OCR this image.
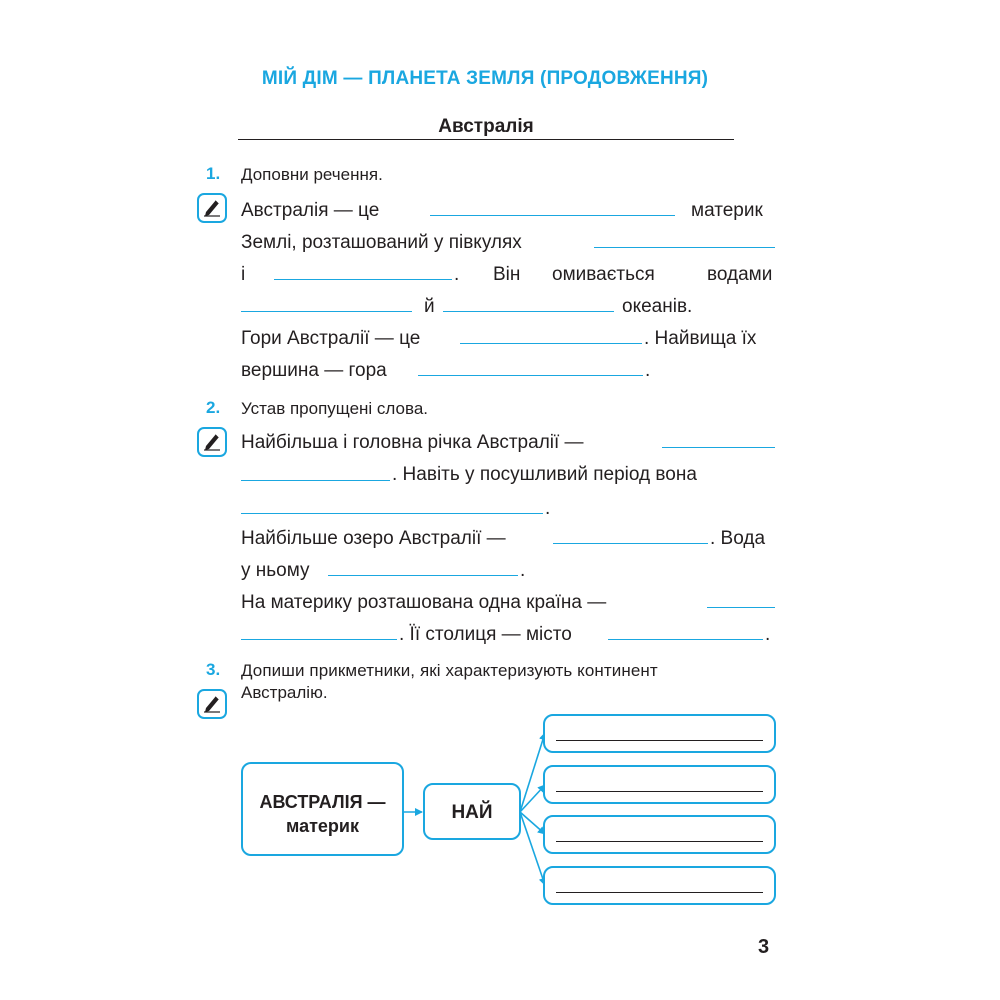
МІЙ ДІМ — ПЛАНЕТА ЗЕМЛЯ (ПРОДОВЖЕННЯ)
Австралія
1. Доповни речення.
Австралія — це	материк
Землі, розташований у півкулях
і	. Він омивається	водами
й	океанів.
Гори Австралії — це	. Найвища їх
вершина — гора	.
2. Устав пропущені слова.
Найбільша і головна річка Австралії —
. Навіть у посушливий період вона
.
Найбільше озеро Австралії —	. Вода
у ньому	.
На материку розташована одна країна —
. Її столиця — місто	.
3. Допиши прикметники, які характеризують континент
Австралію.
АВСТРАЛІЯ —
материк
НАЙ
3
